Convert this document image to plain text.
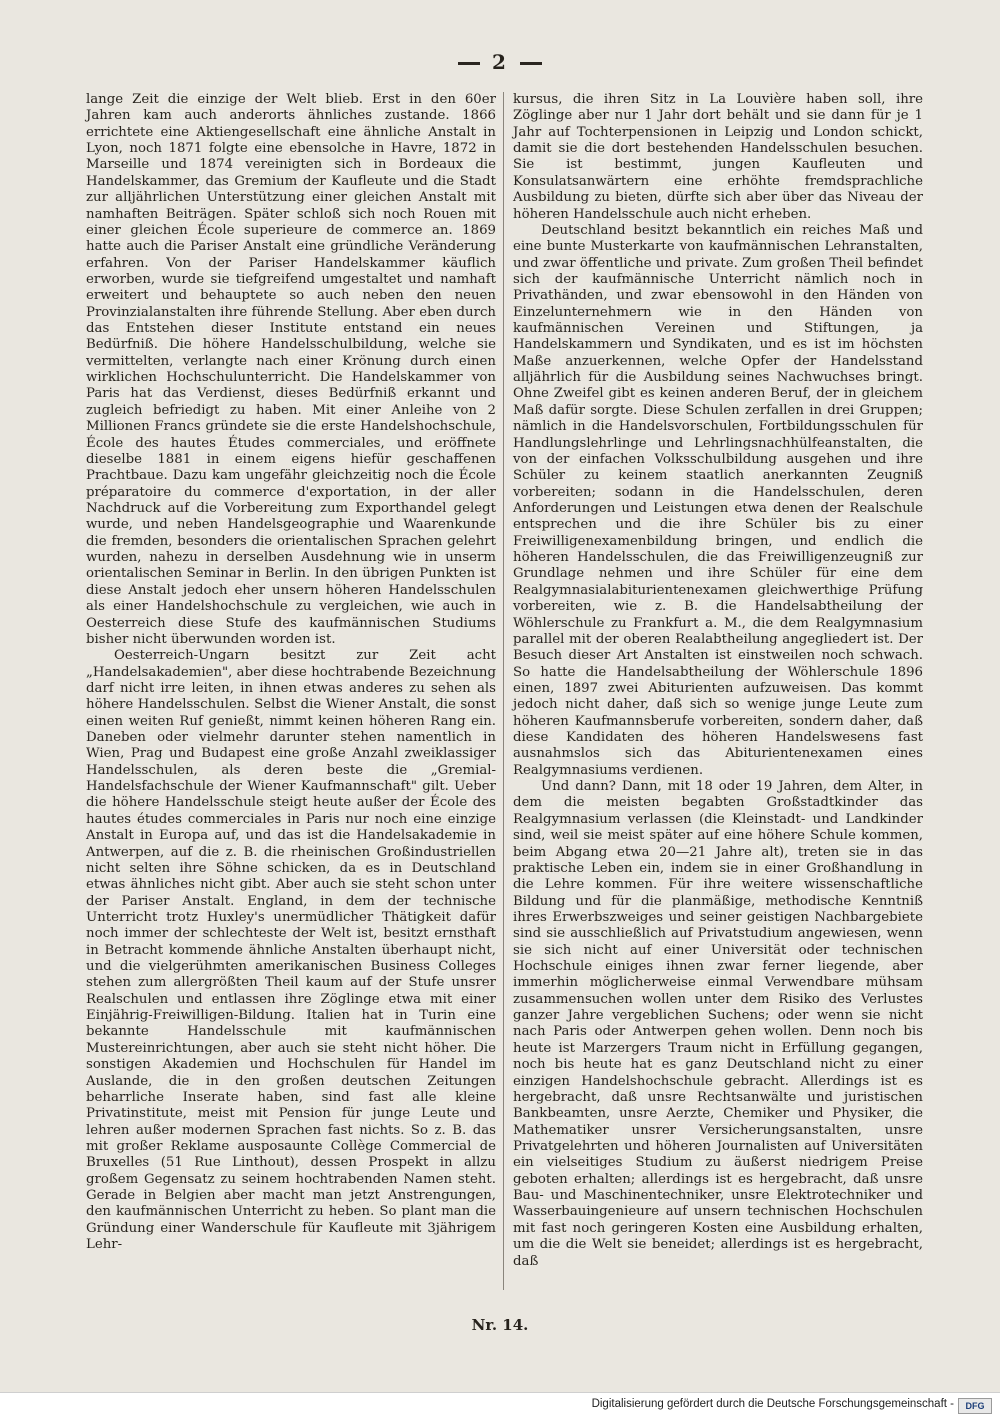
2

lange Zeit die einzige der Welt blieb. Erst in den 60er Jahren kam auch anderorts ähnliches zustande. 1866 errichtete eine Aktiengesellschaft eine ähnliche Anstalt in Lyon, noch 1871 folgte eine ebensolche in Havre, 1872 in Marseille und 1874 vereinigten sich in Bordeaux die Handelskammer, das Gremium der Kaufleute und die Stadt zur alljährlichen Unterstützung einer gleichen Anstalt mit namhaften Beiträgen. Später schloß sich noch Rouen mit einer gleichen École superieure de commerce an. 1869 hatte auch die Pariser Anstalt eine gründliche Veränderung erfahren. Von der Pariser Handelskammer käuflich erworben, wurde sie tiefgreifend umgestaltet und namhaft erweitert und behauptete so auch neben den neuen Provinzialanstalten ihre führende Stellung. Aber eben durch das Entstehen dieser Institute entstand ein neues Bedürfniß. Die höhere Handelsschulbildung, welche sie vermittelten, verlangte nach einer Krönung durch einen wirklichen Hochschulunterricht. Die Handelskammer von Paris hat das Verdienst, dieses Bedürfniß erkannt und zugleich befriedigt zu haben. Mit einer Anleihe von 2 Millionen Francs gründete sie die erste Handelshochschule, École des hautes Études commerciales, und eröffnete dieselbe 1881 in einem eigens hiefür geschaffenen Prachtbaue. Dazu kam ungefähr gleichzeitig noch die École préparatoire du commerce d'exportation, in der aller Nachdruck auf die Vorbereitung zum Exporthandel gelegt wurde, und neben Handelsgeographie und Waarenkunde die fremden, besonders die orientalischen Sprachen gelehrt wurden, nahezu in derselben Ausdehnung wie in unserm orientalischen Seminar in Berlin. In den übrigen Punkten ist diese Anstalt jedoch eher unsern höheren Handelsschulen als einer Handelshochschule zu vergleichen, wie auch in Oesterreich diese Stufe des kaufmännischen Studiums bisher nicht überwunden worden ist.

Oesterreich-Ungarn besitzt zur Zeit acht „Handelsakademien", aber diese hochtrabende Bezeichnung darf nicht irre leiten, in ihnen etwas anderes zu sehen als höhere Handelsschulen. Selbst die Wiener Anstalt, die sonst einen weiten Ruf genießt, nimmt keinen höheren Rang ein. Daneben oder vielmehr darunter stehen namentlich in Wien, Prag und Budapest eine große Anzahl zweiklassiger Handelsschulen, als deren beste die „Gremial-Handelsfachschule der Wiener Kaufmannschaft" gilt. Ueber die höhere Handelsschule steigt heute außer der École des hautes études commerciales in Paris nur noch eine einzige Anstalt in Europa auf, und das ist die Handelsakademie in Antwerpen, auf die z. B. die rheinischen Großindustriellen nicht selten ihre Söhne schicken, da es in Deutschland etwas ähnliches nicht gibt. Aber auch sie steht schon unter der Pariser Anstalt. England, in dem der technische Unterricht trotz Huxley's unermüdlicher Thätigkeit dafür noch immer der schlechteste der Welt ist, besitzt ernsthaft in Betracht kommende ähnliche Anstalten überhaupt nicht, und die vielgerühmten amerikanischen Business Colleges stehen zum allergrößten Theil kaum auf der Stufe unsrer Realschulen und entlassen ihre Zöglinge etwa mit einer Einjährig-Freiwilligen-Bildung. Italien hat in Turin eine bekannte Handelsschule mit kaufmännischen Mustereinrichtungen, aber auch sie steht nicht höher. Die sonstigen Akademien und Hochschulen für Handel im Auslande, die in den großen deutschen Zeitungen beharrliche Inserate haben, sind fast alle kleine Privatinstitute, meist mit Pension für junge Leute und lehren außer modernen Sprachen fast nichts. So z. B. das mit großer Reklame ausposaunte Collège Commercial de Bruxelles (51 Rue Linthout), dessen Prospekt in allzu großem Gegensatz zu seinem hochtrabenden Namen steht. Gerade in Belgien aber macht man jetzt Anstrengungen, den kaufmännischen Unterricht zu heben. So plant man die Gründung einer Wanderschule für Kaufleute mit 3jährigem Lehr-

kursus, die ihren Sitz in La Louvière haben soll, ihre Zöglinge aber nur 1 Jahr dort behält und sie dann für je 1 Jahr auf Tochterpensionen in Leipzig und London schickt, damit sie die dort bestehenden Handelsschulen besuchen. Sie ist bestimmt, jungen Kaufleuten und Konsulatsanwärtern eine erhöhte fremdsprachliche Ausbildung zu bieten, dürfte sich aber über das Niveau der höheren Handelsschule auch nicht erheben.

Deutschland besitzt bekanntlich ein reiches Maß und eine bunte Musterkarte von kaufmännischen Lehranstalten, und zwar öffentliche und private. Zum großen Theil befindet sich der kaufmännische Unterricht nämlich noch in Privathänden, und zwar ebensowohl in den Händen von Einzelunternehmern wie in den Händen von kaufmännischen Vereinen und Stiftungen, ja Handelskammern und Syndikaten, und es ist im höchsten Maße anzuerkennen, welche Opfer der Handelsstand alljährlich für die Ausbildung seines Nachwuchses bringt. Ohne Zweifel gibt es keinen anderen Beruf, der in gleichem Maß dafür sorgte. Diese Schulen zerfallen in drei Gruppen; nämlich in die Handelsvorschulen, Fortbildungsschulen für Handlungslehrlinge und Lehrlingsnachhülfeanstalten, die von der einfachen Volksschulbildung ausgehen und ihre Schüler zu keinem staatlich anerkannten Zeugniß vorbereiten; sodann in die Handelsschulen, deren Anforderungen und Leistungen etwa denen der Realschule entsprechen und die ihre Schüler bis zu einer Freiwilligenexamenbildung bringen, und endlich die höheren Handelsschulen, die das Freiwilligenzeugniß zur Grundlage nehmen und ihre Schüler für eine dem Realgymnasialabiturientenexamen gleichwerthige Prüfung vorbereiten, wie z. B. die Handelsabtheilung der Wöhlerschule zu Frankfurt a. M., die dem Realgymnasium parallel mit der oberen Realabtheilung angegliedert ist. Der Besuch dieser Art Anstalten ist einstweilen noch schwach. So hatte die Handelsabtheilung der Wöhlerschule 1896 einen, 1897 zwei Abiturienten aufzuweisen. Das kommt jedoch nicht daher, daß sich so wenige junge Leute zum höheren Kaufmannsberufe vorbereiten, sondern daher, daß diese Kandidaten des höheren Handelswesens fast ausnahmslos sich das Abiturientenexamen eines Realgymnasiums verdienen.

Und dann? Dann, mit 18 oder 19 Jahren, dem Alter, in dem die meisten begabten Großstadtkinder das Realgymnasium verlassen (die Kleinstadt- und Landkinder sind, weil sie meist später auf eine höhere Schule kommen, beim Abgang etwa 20—21 Jahre alt), treten sie in das praktische Leben ein, indem sie in einer Großhandlung in die Lehre kommen. Für ihre weitere wissenschaftliche Bildung und für die planmäßige, methodische Kenntniß ihres Erwerbszweiges und seiner geistigen Nachbargebiete sind sie ausschließlich auf Privatstudium angewiesen, wenn sie sich nicht auf einer Universität oder technischen Hochschule einiges ihnen zwar ferner liegende, aber immerhin möglicherweise einmal Verwendbare mühsam zusammensuchen wollen unter dem Risiko des Verlustes ganzer Jahre vergeblichen Suchens; oder wenn sie nicht nach Paris oder Antwerpen gehen wollen. Denn noch bis heute ist Marzergers Traum nicht in Erfüllung gegangen, noch bis heute hat es ganz Deutschland nicht zu einer einzigen Handelshochschule gebracht. Allerdings ist es hergebracht, daß unsre Rechtsanwälte und juristischen Bankbeamten, unsre Aerzte, Chemiker und Physiker, die Mathematiker unsrer Versicherungsanstalten, unsre Privatgelehrten und höheren Journalisten auf Universitäten ein vielseitiges Studium zu äußerst niedrigem Preise geboten erhalten; allerdings ist es hergebracht, daß unsre Bau- und Maschinentechniker, unsre Elektrotechniker und Wasserbauingenieure auf unsern technischen Hochschulen mit fast noch geringeren Kosten eine Ausbildung erhalten, um die die Welt sie beneidet; allerdings ist es hergebracht, daß

Nr. 14.
Digitalisierung gefördert durch die Deutsche Forschungsgemeinschaft -	DFG
